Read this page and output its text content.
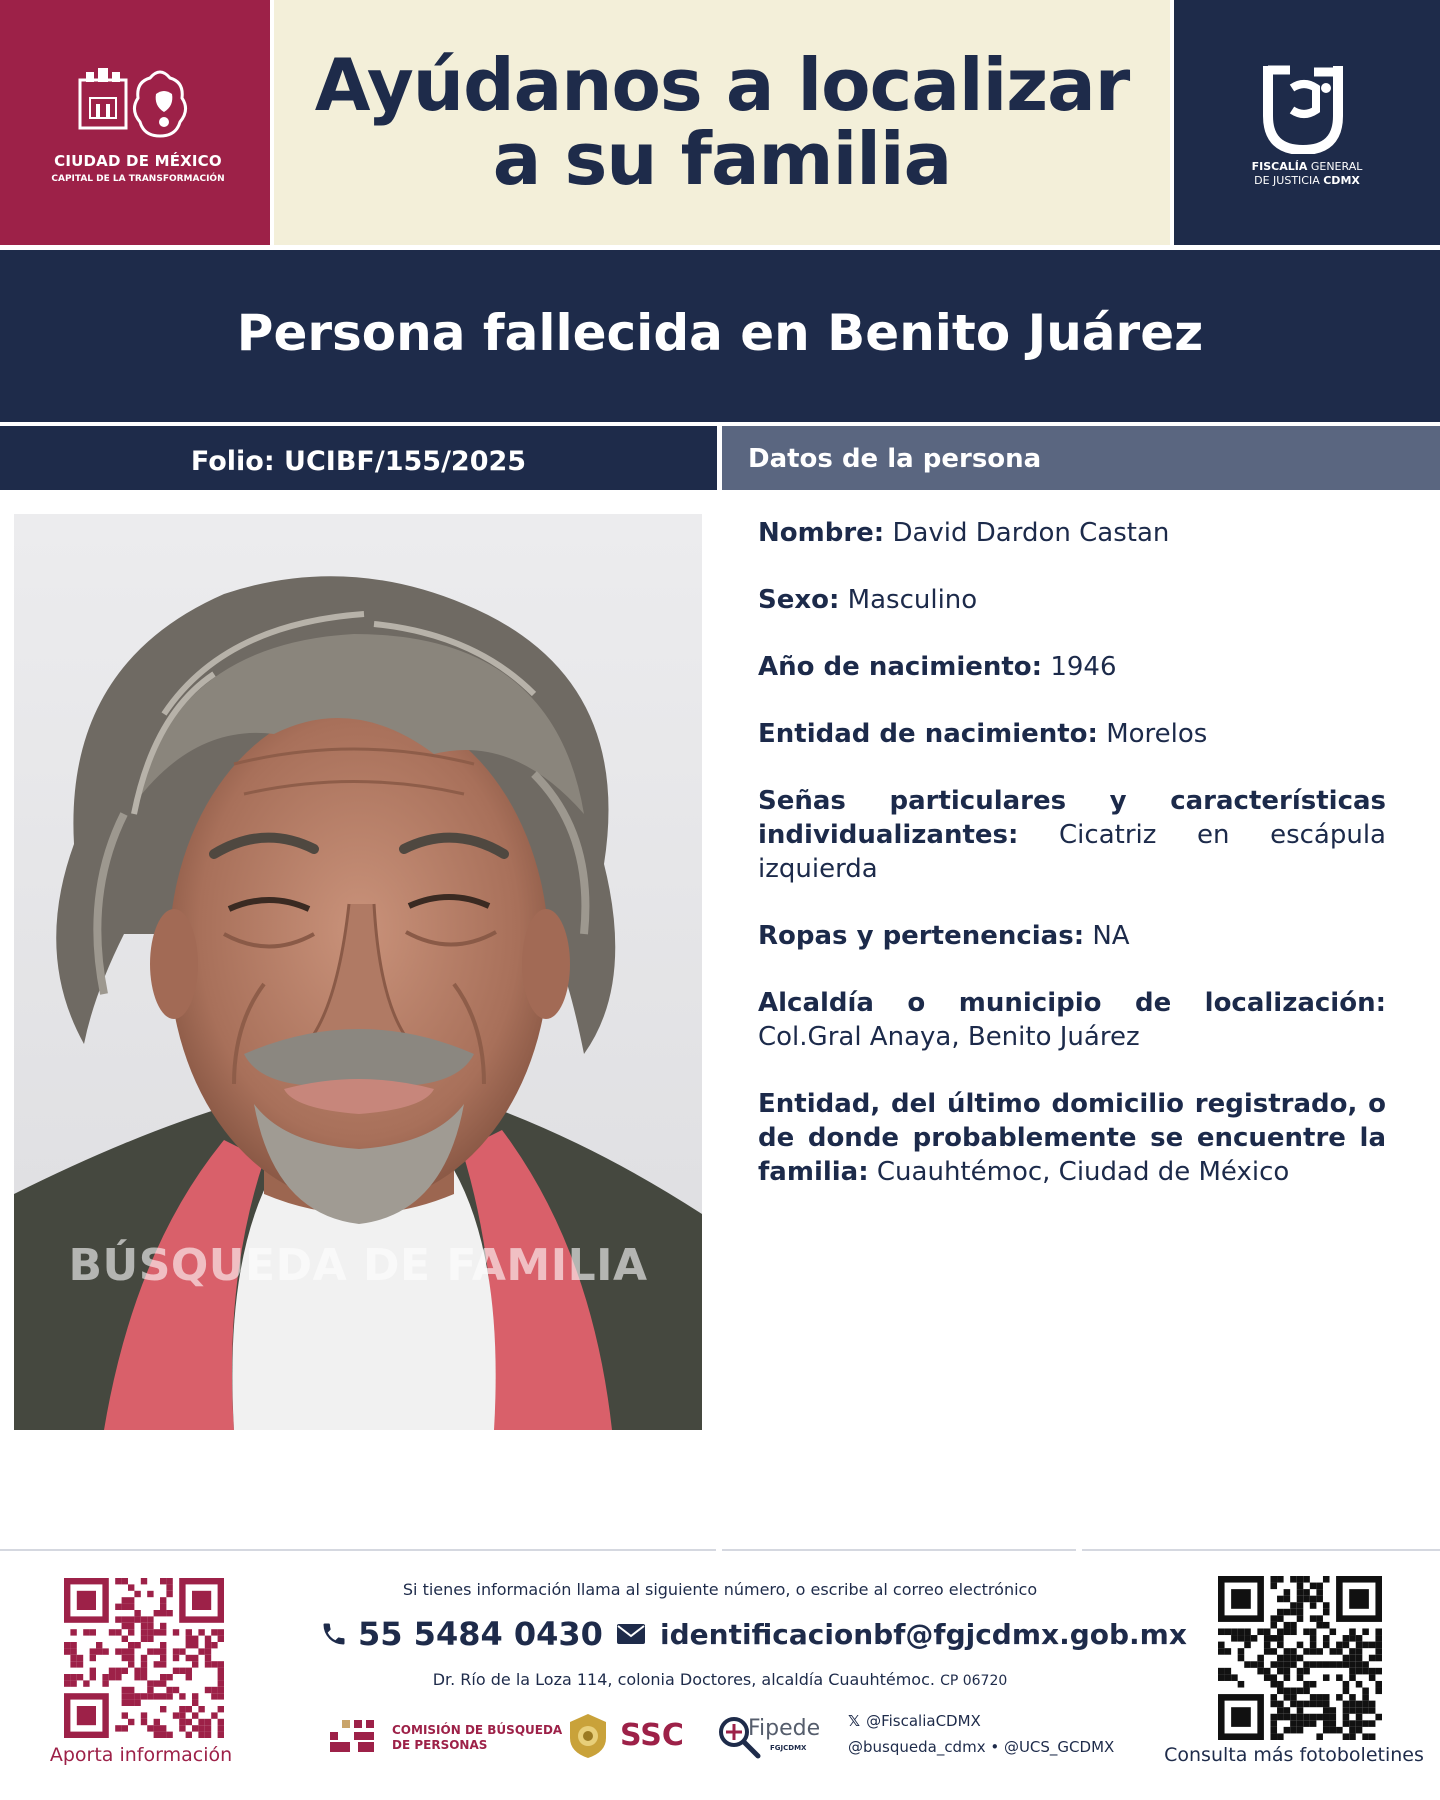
CIUDAD DE MÉXICO
CAPITAL DE LA TRANSFORMACIÓN
Ayúdanos a localizar
a su familia	FISCALÍA GENERAL
DE JUSTICIA CDMX
Persona fallecida en Benito Juárez
Folio: UCIBF/155/2025	Datos de la persona
BÚSQUEDA DE FAMILIA
Nombre: David Dardon Castan
Sexo: Masculino
Año de nacimiento: 1946
Entidad de nacimiento: Morelos
Señas particulares y características individualizantes: Cicatriz en escápula izquierda
Ropas y pertenencias: NA
Alcaldía o municipio de localización: Col.Gral Anaya, Benito Juárez
Entidad, del último domicilio registrado, o de donde probablemente se encuentre la familia: Cuauhtémoc, Ciudad de México
Aporta información
Si tienes información llama al siguiente número, o escribe al correo electrónico
55 5484 0430 identificacionbf@fgjcdmx.gob.mx
Dr. Río de la Loza 114, colonia Doctores, alcaldía Cuauhtémoc. CP 06720
COMISIÓN DE BÚSQUEDA
DE PERSONAS	SSC	Fipede
FGJCDMX
𝕏 @FiscaliaCDMX
@busqueda_cdmx • @UCS_GCDMX	Consulta más fotoboletines
